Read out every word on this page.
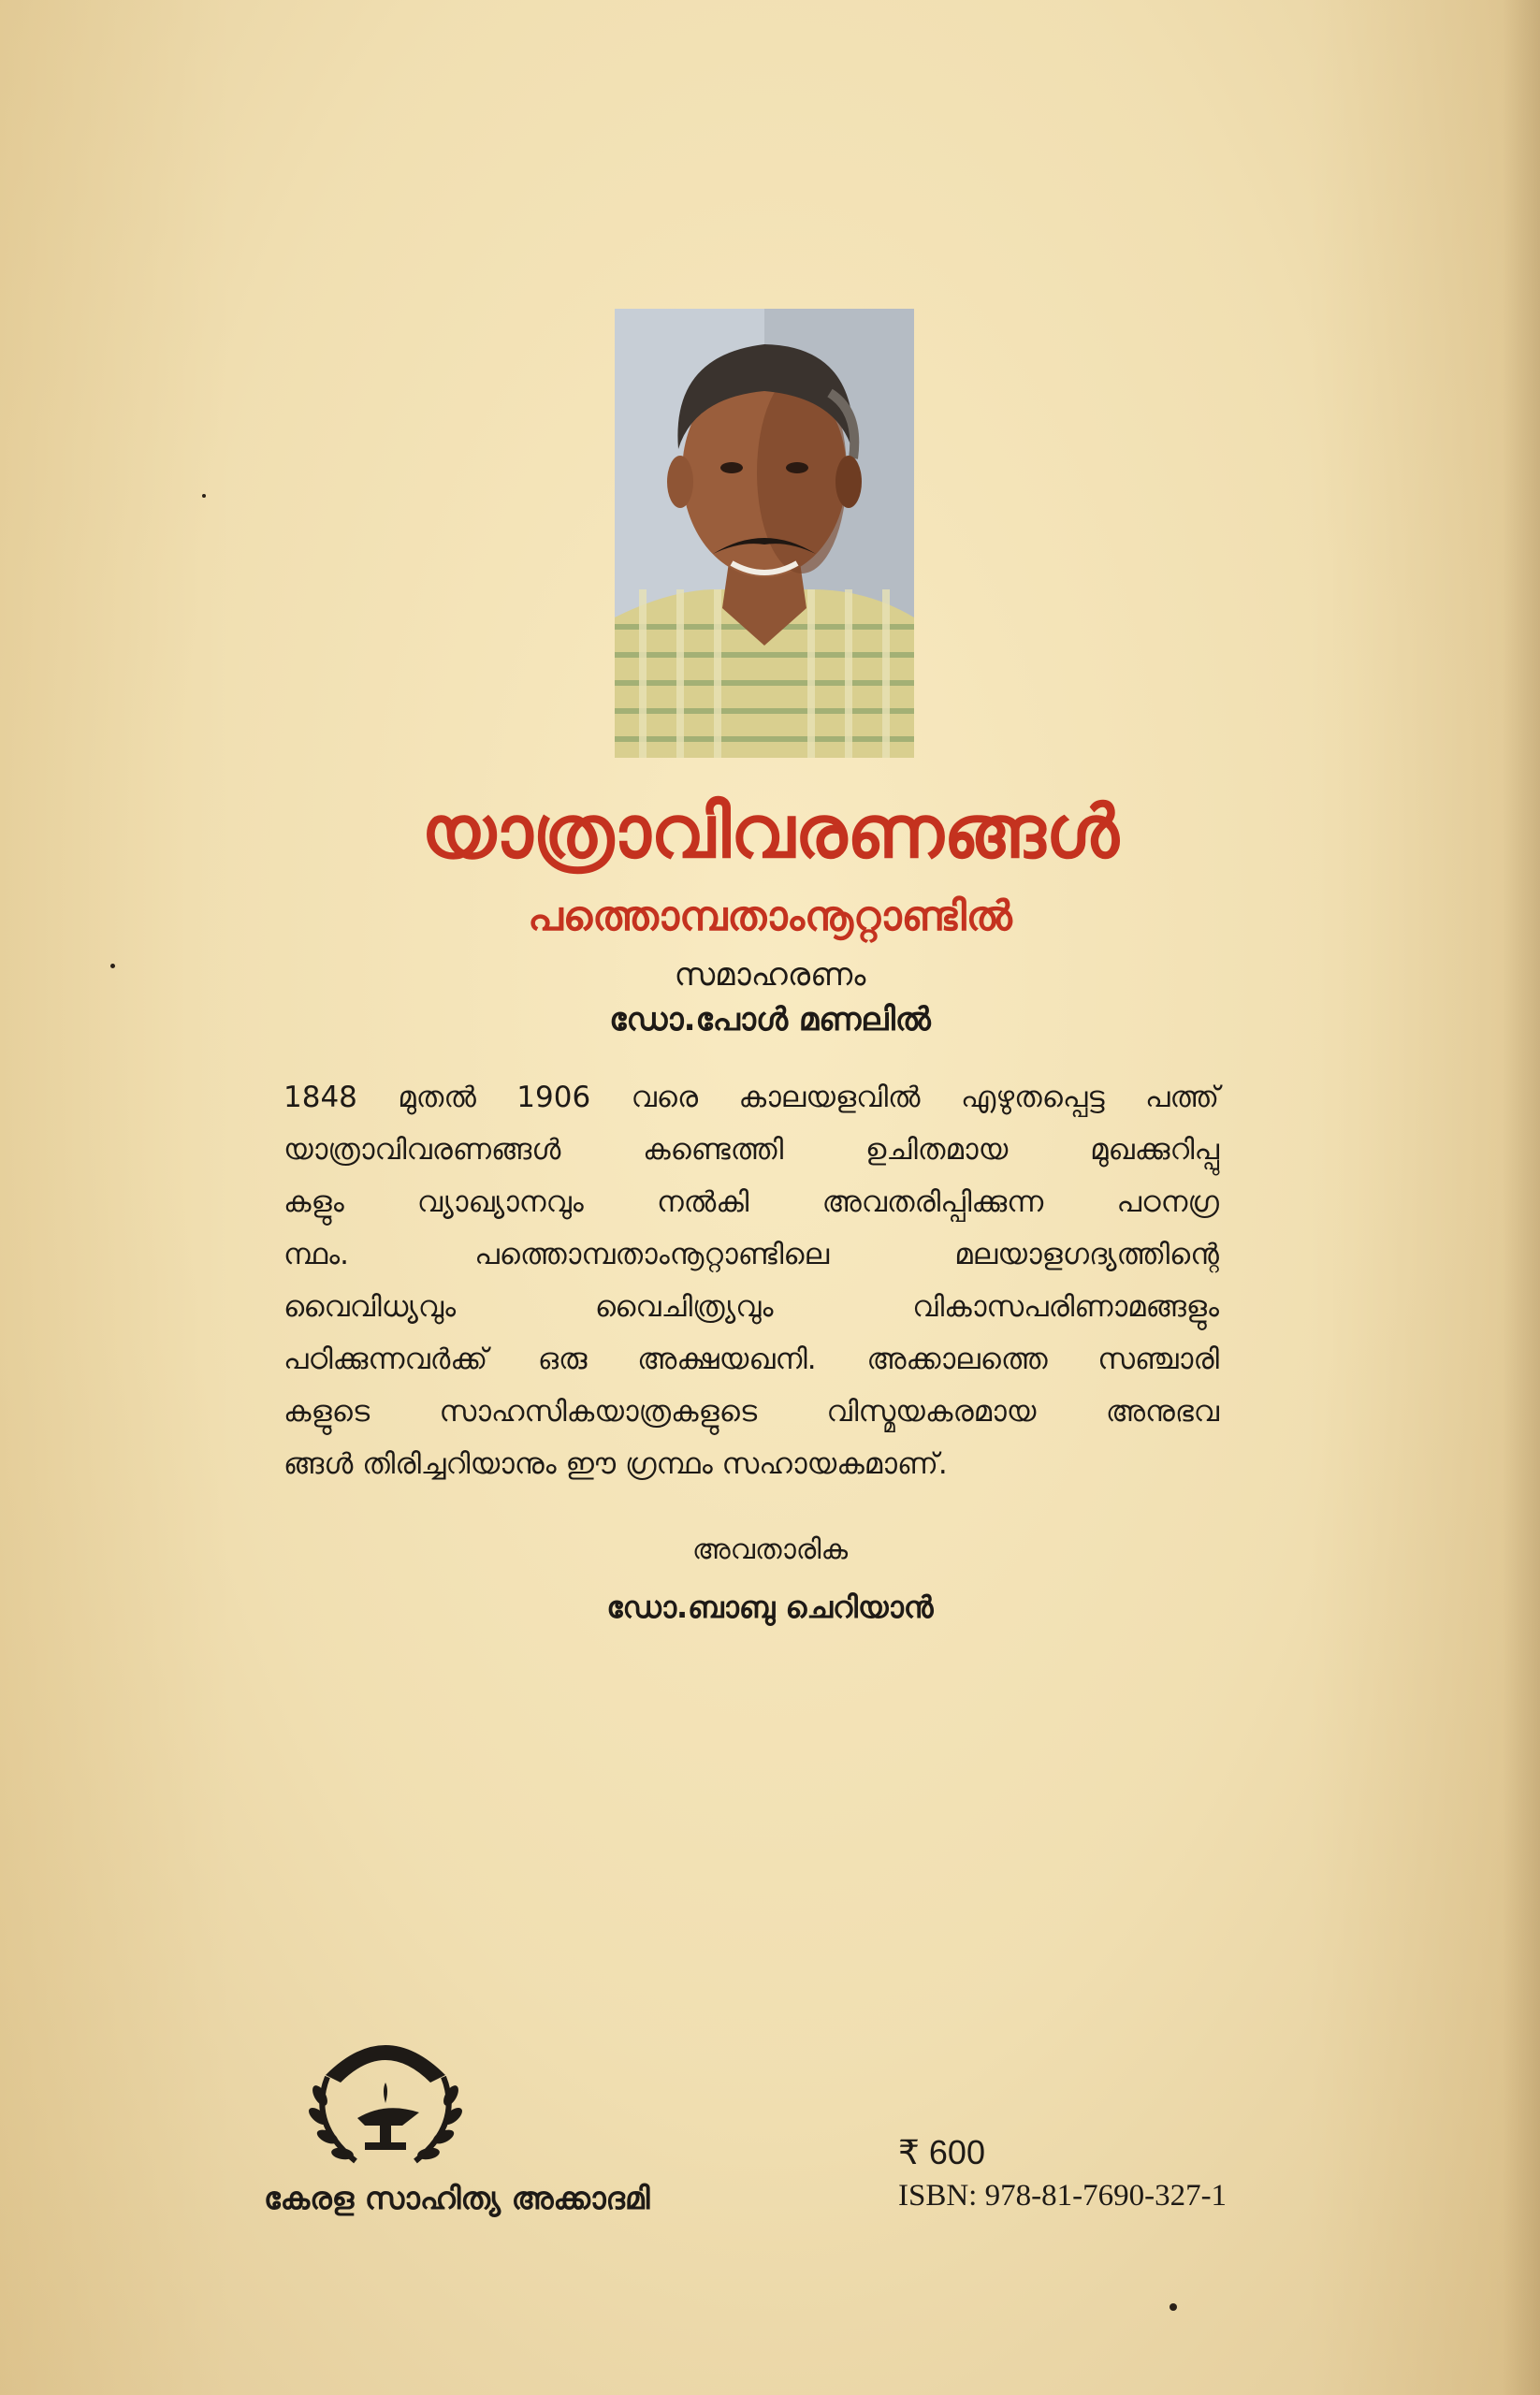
യാത്രാവിവരണങ്ങൾ
പത്തൊമ്പതാംനൂറ്റാണ്ടിൽ
സമാഹരണം
ഡോ.പോൾ മണലിൽ
1848 മുതൽ 1906 വരെ കാലയളവിൽ എഴുതപ്പെട്ട പത്ത്
യാത്രാവിവരണങ്ങൾ കണ്ടെത്തി ഉചിതമായ മുഖക്കുറിപ്പു
കളും വ്യാഖ്യാനവും നൽകി അവതരിപ്പിക്കുന്ന പഠനഗ്ര
ന്ഥം. പത്തൊമ്പതാംനൂറ്റാണ്ടിലെ മലയാളഗദ്യത്തിന്റെ
വൈവിധ്യവും വൈചിത്ര്യവും വികാസപരിണാമങ്ങളും
പഠിക്കുന്നവർക്ക് ഒരു അക്ഷയഖനി. അക്കാലത്തെ സഞ്ചാരി
കളുടെ സാഹസികയാത്രകളുടെ വിസ്മയകരമായ അനുഭവ
ങ്ങൾ തിരിച്ചറിയാനും ഈ ഗ്രന്ഥം സഹായകമാണ്.
അവതാരിക
ഡോ.ബാബു ചെറിയാൻ
കേരള സാഹിത്യ അക്കാദമി
₹ 600
ISBN: 978-81-7690-327-1
